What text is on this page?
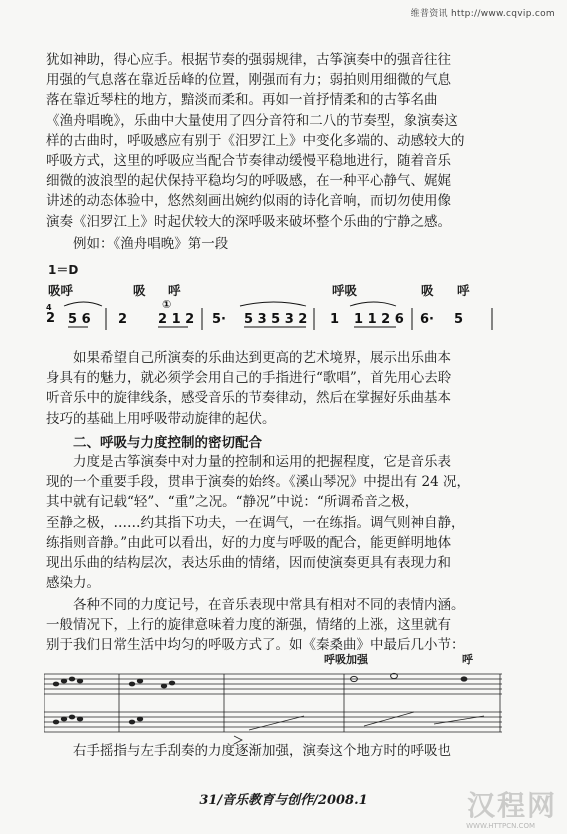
维普资讯 http://www.cqvip.com
犹如神助，得心应手。根据节奏的强弱规律，古筝演奏中的强音往往
用强的气息落在靠近岳峰的位置，刚强而有力；弱拍则用细微的气息
落在靠近琴柱的地方，黯淡而柔和。再如一首抒情柔和的古筝名曲
《渔舟唱晚》，乐曲中大量使用了四分音符和二八的节奏型，象演奏这
样的古曲时，呼吸感应有别于《汨罗江上》中变化多端的、动感较大的
呼吸方式，这里的呼吸应当配合节奏律动缓慢平稳地进行，随着音乐
细微的波浪型的起伏保持平稳均匀的呼吸感，在一种平心静气、娓娓
讲述的动态体验中，悠然刻画出婉约似雨的诗化音响，而切勿使用像
演奏《汨罗江上》时起伏较大的深呼吸来破坏整个乐曲的宁静之感。
例如：《渔舟唱晚》第一段
1＝D
吸呼	吸 呼	呼吸	吸 呼
2
4
5 6 2
①
2 1 2 5· 5 3 5 3 2 1 1 1 2 6 6· 5
如果希望自己所演奏的乐曲达到更高的艺术境界，展示出乐曲本
身具有的魅力，就必须学会用自己的手指进行“歌唱”，首先用心去聆
听音乐中的旋律线条，感受音乐的节奏律动，然后在掌握好乐曲基本
技巧的基础上用呼吸带动旋律的起伏。
二、呼吸与力度控制的密切配合
力度是古筝演奏中对力量的控制和运用的把握程度，它是音乐表
现的一个重要手段，贯串于演奏的始终。《溪山琴况》中提出有 24 况，
其中就有记载“轻”、“重”之况。“静况”中说：“所调希音之极，
至静之极，……约其指下功夫，一在调气，一在练指。调气则神自静，
练指则音静。”由此可以看出，好的力度与呼吸的配合，能更鲜明地体
现出乐曲的结构层次，表达乐曲的情绪，因而使演奏更具有表现力和
感染力。
各种不同的力度记号，在音乐表现中常具有相对不同的表情内涵。
一般情况下，上行的旋律意味着力度的渐强，情绪的上涨，这里就有
别于我们日常生活中均匀的呼吸方式了。如《秦桑曲》中最后几小节：
呼吸加强	呼
右手摇指与左手刮奏的力度逐渐加强，演奏这个地方时的呼吸也
31/音乐教育与创作/2008.1	汉程网
WWW.HTTPCN.COM
